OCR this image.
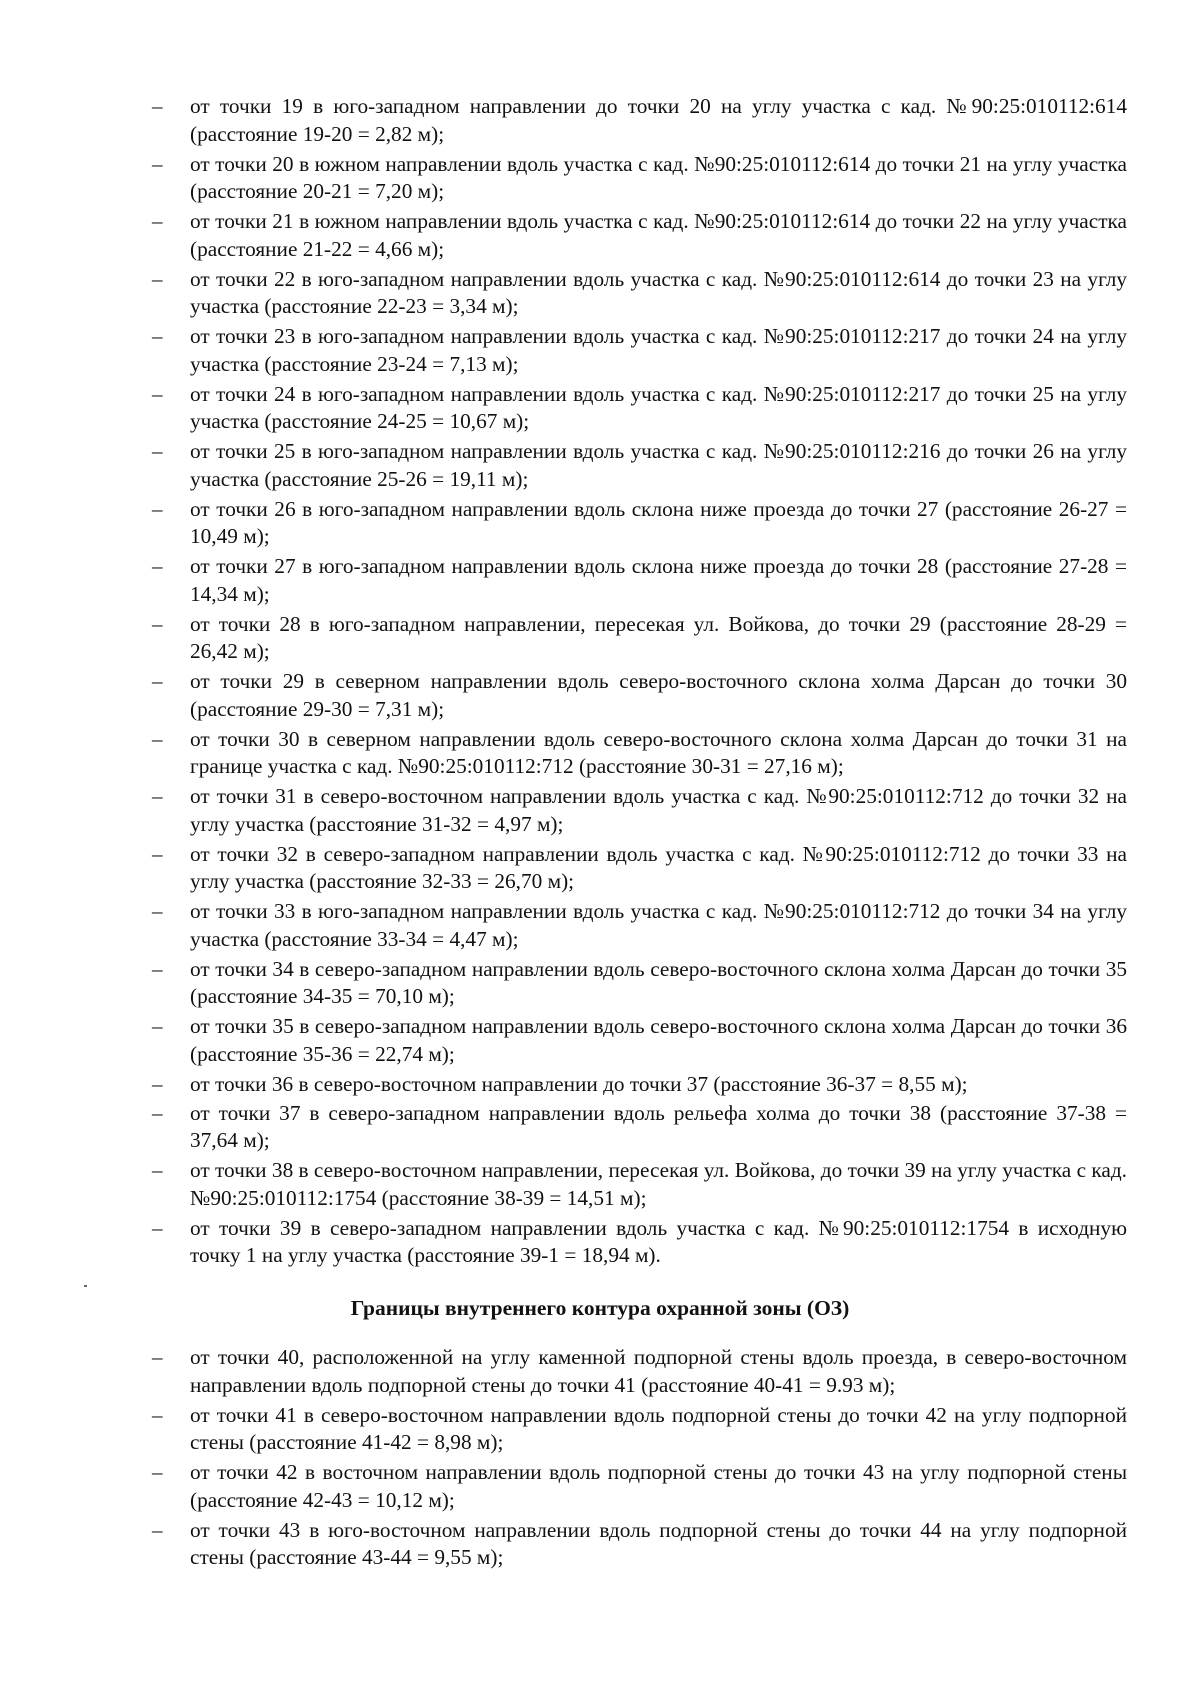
– от точки 19 в юго-западном направлении до точки 20 на углу участка с кад. №90:25:010112:614 (расстояние 19-20 = 2,82 м);
– от точки 20 в южном направлении вдоль участка с кад. №90:25:010112:614 до точки 21 на углу участка (расстояние 20-21 = 7,20 м);
– от точки 21 в южном направлении вдоль участка с кад. №90:25:010112:614 до точки 22 на углу участка (расстояние 21-22 = 4,66 м);
– от точки 22 в юго-западном направлении вдоль участка с кад. №90:25:010112:614 до точки 23 на углу участка (расстояние 22-23 = 3,34 м);
– от точки 23 в юго-западном направлении вдоль участка с кад. №90:25:010112:217 до точки 24 на углу участка (расстояние 23-24 = 7,13 м);
– от точки 24 в юго-западном направлении вдоль участка с кад. №90:25:010112:217 до точки 25 на углу участка (расстояние 24-25 = 10,67 м);
– от точки 25 в юго-западном направлении вдоль участка с кад. №90:25:010112:216 до точки 26 на углу участка (расстояние 25-26 = 19,11 м);
– от точки 26 в юго-западном направлении вдоль склона ниже проезда до точки 27 (расстояние 26-27 = 10,49 м);
– от точки 27 в юго-западном направлении вдоль склона ниже проезда до точки 28 (расстояние 27-28 = 14,34 м);
– от точки 28 в юго-западном направлении, пересекая ул. Войкова, до точки 29 (расстояние 28-29 = 26,42 м);
– от точки 29 в северном направлении вдоль северо-восточного склона холма Дарсан до точки 30 (расстояние 29-30 = 7,31 м);
– от точки 30 в северном направлении вдоль северо-восточного склона холма Дарсан до точки 31 на границе участка с кад. №90:25:010112:712 (расстояние 30-31 = 27,16 м);
– от точки 31 в северо-восточном направлении вдоль участка с кад. №90:25:010112:712 до точки 32 на углу участка (расстояние 31-32 = 4,97 м);
– от точки 32 в северо-западном направлении вдоль участка с кад. №90:25:010112:712 до точки 33 на углу участка (расстояние 32-33 = 26,70 м);
– от точки 33 в юго-западном направлении вдоль участка с кад. №90:25:010112:712 до точки 34 на углу участка (расстояние 33-34 = 4,47 м);
– от точки 34 в северо-западном направлении вдоль северо-восточного склона холма Дарсан до точки 35 (расстояние 34-35 = 70,10 м);
– от точки 35 в северо-западном направлении вдоль северо-восточного склона холма Дарсан до точки 36 (расстояние 35-36 = 22,74 м);
– от точки 36 в северо-восточном направлении до точки 37 (расстояние 36-37 = 8,55 м);
– от точки 37 в северо-западном направлении вдоль рельефа холма до точки 38 (расстояние 37-38 = 37,64 м);
– от точки 38 в северо-восточном направлении, пересекая ул. Войкова, до точки 39 на углу участка с кад. №90:25:010112:1754 (расстояние 38-39 = 14,51 м);
– от точки 39 в северо-западном направлении вдоль участка с кад. №90:25:010112:1754 в исходную точку 1 на углу участка (расстояние 39-1 = 18,94 м).
Границы внутреннего контура охранной зоны (ОЗ)
– от точки 40, расположенной на углу каменной подпорной стены вдоль проезда, в северо-восточном направлении вдоль подпорной стены до точки 41 (расстояние 40-41 = 9.93 м);
– от точки 41 в северо-восточном направлении вдоль подпорной стены до точки 42 на углу подпорной стены (расстояние 41-42 = 8,98 м);
– от точки 42 в восточном направлении вдоль подпорной стены до точки 43 на углу подпорной стены (расстояние 42-43 = 10,12 м);
– от точки 43 в юго-восточном направлении вдоль подпорной стены до точки 44 на углу подпорной стены (расстояние 43-44 = 9,55 м);
